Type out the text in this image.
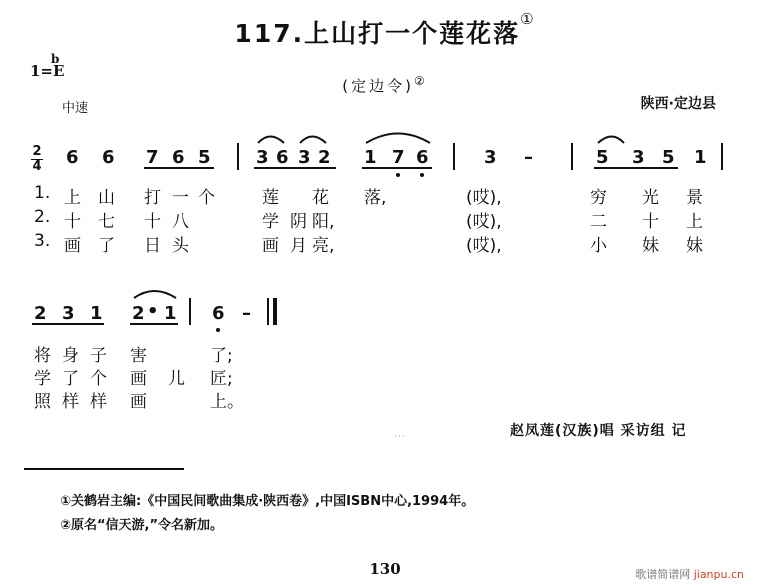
117.上山打一个莲花落①
1=
b
E
(定边令)②
中速	陕西·定边县
2
4 6 6 7 6 5	3 6 3 2 1 7 6	3 –	5 3 5 1
1. 上 山 打 一 个	莲 花 落,	(哎),	穷 光 景
2. 十 七 十 八	学 阴 阳,	(哎),	二 十 上
3. 画 了 日 头	画 月 亮,	(哎),	小 妹 妹
2 3 1 2 • 1 6 –
将 身 子 害	了;
学 了 个 画 儿 匠;
照 样 样 画	上。
赵凤莲(汉族)唱 采访组 记
①关鹤岩主编:《中国民间歌曲集成·陕西卷》,中国ISBN中心,1994年。
②原名“信天游,”令名新加。
130	歌谱简谱网 jianpu.cn
